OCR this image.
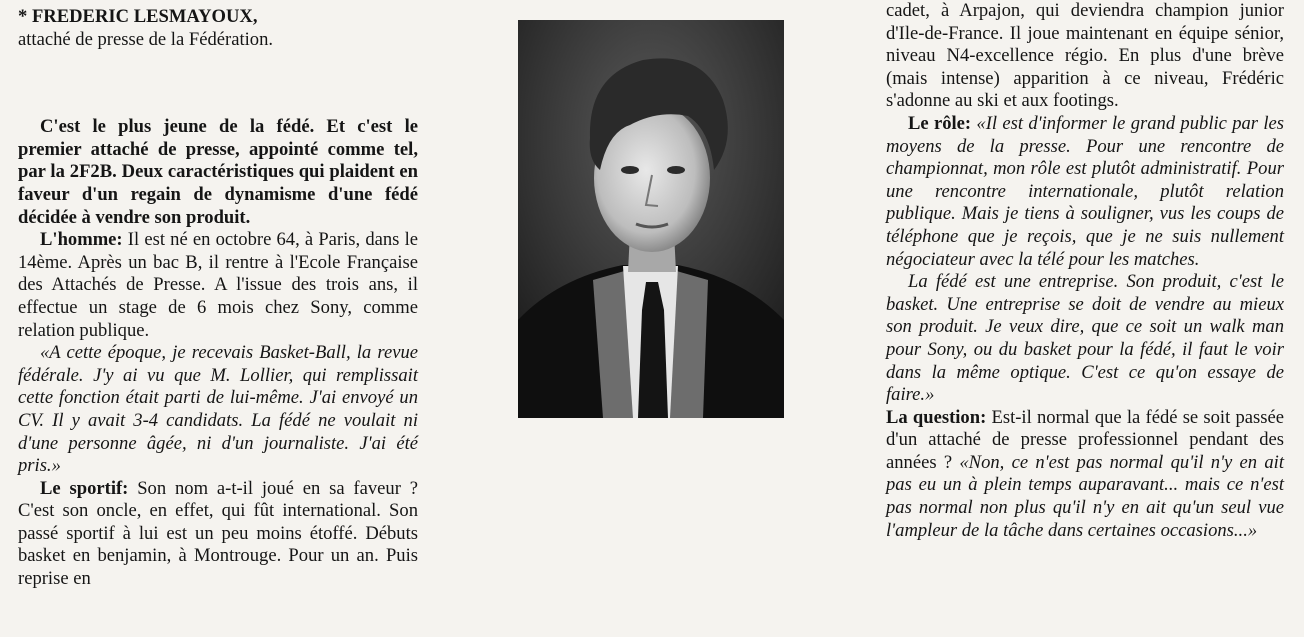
* FREDERIC LESMAYOUX,

attaché de presse de la Fédération.

C'est le plus jeune de la fédé. Et c'est le premier attaché de presse, appointé comme tel, par la 2F2B. Deux caractéristiques qui plaident en faveur d'un regain de dynamisme d'une fédé décidée à vendre son produit.

L'homme: Il est né en octobre 64, à Paris, dans le 14ème. Après un bac B, il rentre à l'Ecole Française des Attachés de Presse. A l'issue des trois ans, il effectue un stage de 6 mois chez Sony, comme relation publique.

«A cette époque, je recevais Basket-Ball, la revue fédérale. J'y ai vu que M. Lollier, qui remplissait cette fonction était parti de lui-même. J'ai envoyé un CV. Il y avait 3-4 candidats. La fédé ne voulait ni d'une personne âgée, ni d'un journaliste. J'ai été pris.»

Le sportif: Son nom a-t-il joué en sa faveur ? C'est son oncle, en effet, qui fût international. Son passé sportif à lui est un peu moins étoffé. Débuts basket en benjamin, à Montrouge. Pour un an. Puis reprise en

cadet, à Arpajon, qui deviendra champion junior d'Ile-de-France. Il joue maintenant en équipe sénior, niveau N4-excellence régio. En plus d'une brève (mais intense) apparition à ce niveau, Frédéric s'adonne au ski et aux footings.

Le rôle: «Il est d'informer le grand public par les moyens de la presse. Pour une rencontre de championnat, mon rôle est plutôt administratif. Pour une rencontre internationale, plutôt relation publique. Mais je tiens à souligner, vus les coups de téléphone que je reçois, que je ne suis nullement négociateur avec la télé pour les matches.

La fédé est une entreprise. Son produit, c'est le basket. Une entreprise se doit de vendre au mieux son produit. Je veux dire, que ce soit un walk man pour Sony, ou du basket pour la fédé, il faut le voir dans la même optique. C'est ce qu'on essaye de faire.»

La question: Est-il normal que la fédé se soit passée d'un attaché de presse professionnel pendant des années ? «Non, ce n'est pas normal qu'il n'y en ait pas eu un à plein temps auparavant... mais ce n'est pas normal non plus qu'il n'y en ait qu'un seul vue l'ampleur de la tâche dans certaines occasions...»
